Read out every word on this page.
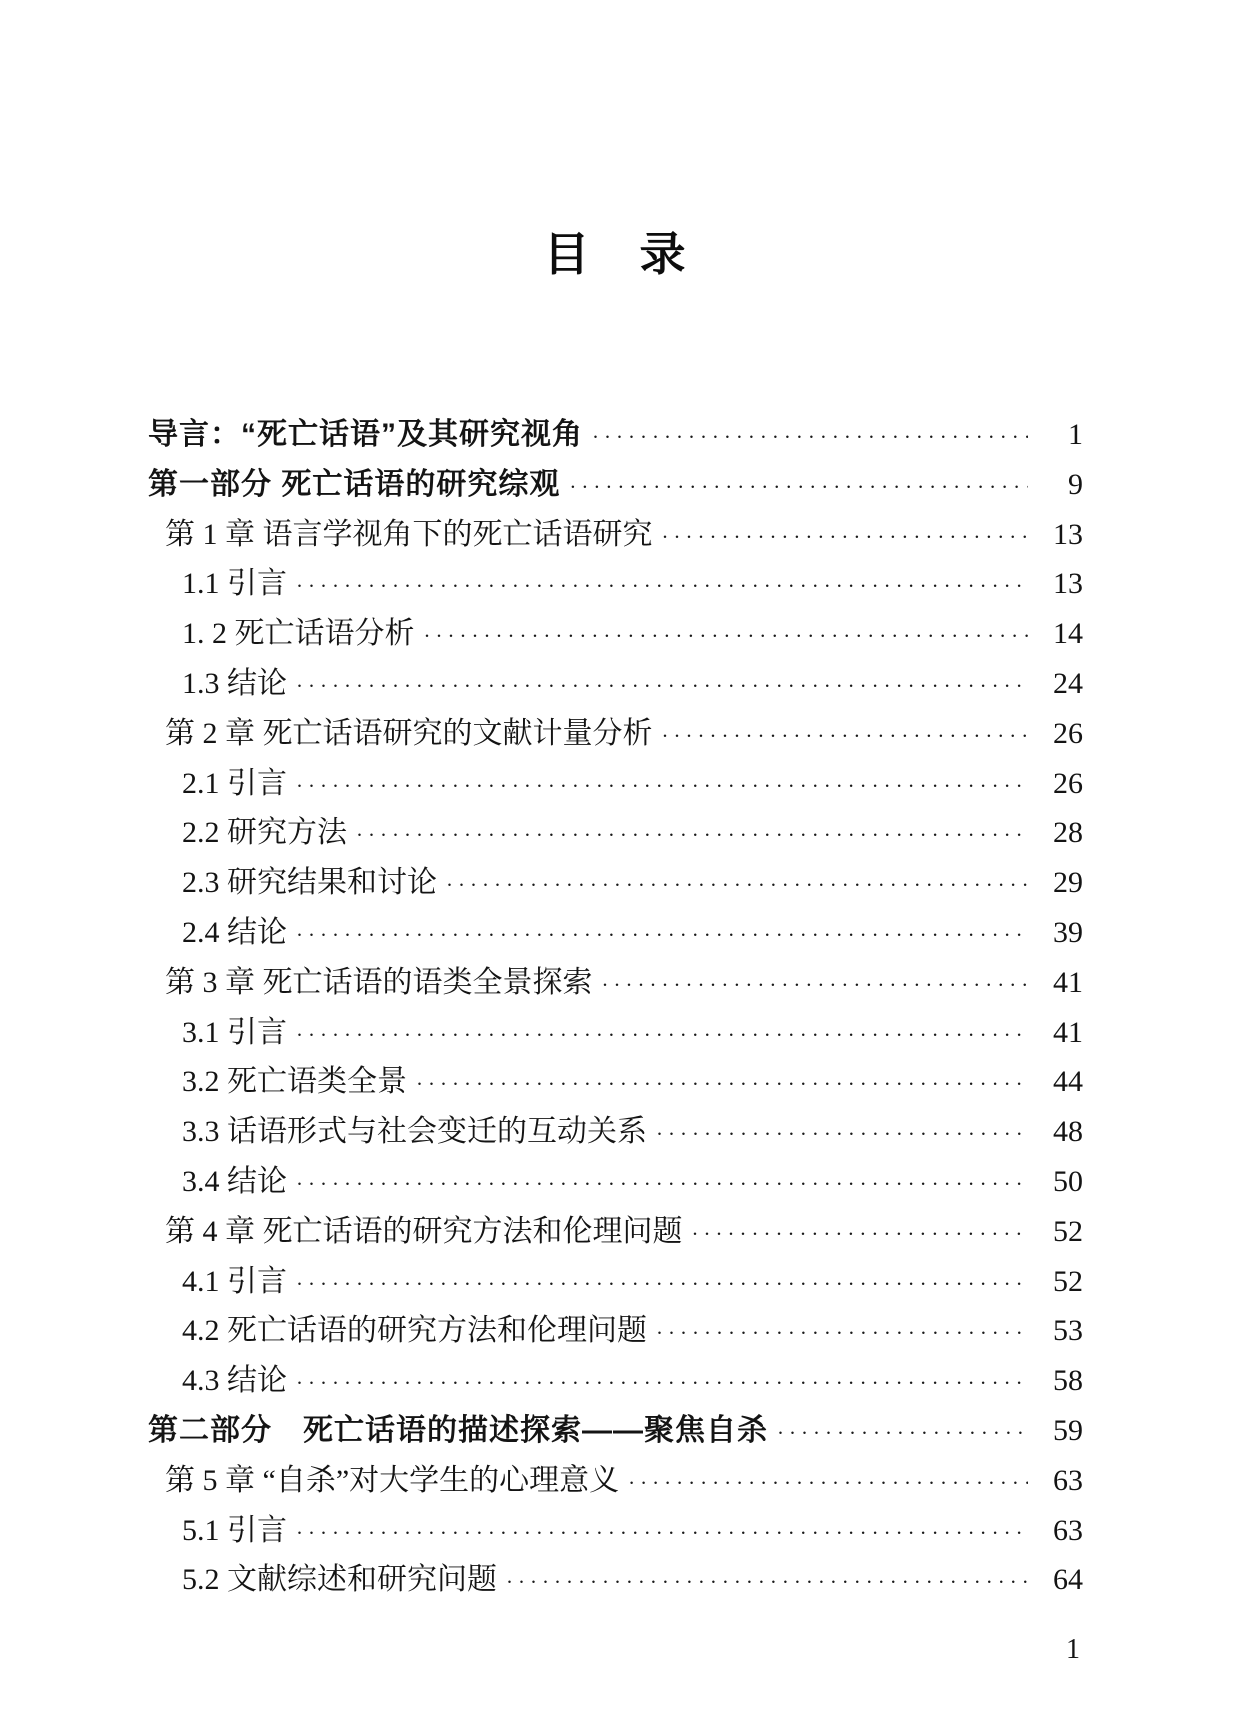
目　录
导言：“死亡话语”及其研究视角 ·····	1
第一部分 死亡话语的研究综观 ·····	9
第 1 章 语言学视角下的死亡话语研究 ·····	13
1.1 引言 ·····	13
1. 2 死亡话语分析 ·····	14
1.3 结论 ·····	24
第 2 章 死亡话语研究的文献计量分析 ·····	26
2.1 引言 ·····	26
2.2 研究方法 ·····	28
2.3 研究结果和讨论 ·····	29
2.4 结论 ·····	39
第 3 章 死亡话语的语类全景探索 ·····	41
3.1 引言 ·····	41
3.2 死亡语类全景 ·····	44
3.3 话语形式与社会变迁的互动关系 ·····	48
3.4 结论 ·····	50
第 4 章 死亡话语的研究方法和伦理问题 ·····	52
4.1 引言 ·····	52
4.2 死亡话语的研究方法和伦理问题 ·····	53
4.3 结论 ·····	58
第二部分　死亡话语的描述探索——聚焦自杀 ·····	59
第 5 章 “自杀”对大学生的心理意义 ·····	63
5.1 引言 ·····	63
5.2 文献综述和研究问题 ·····	64
1
